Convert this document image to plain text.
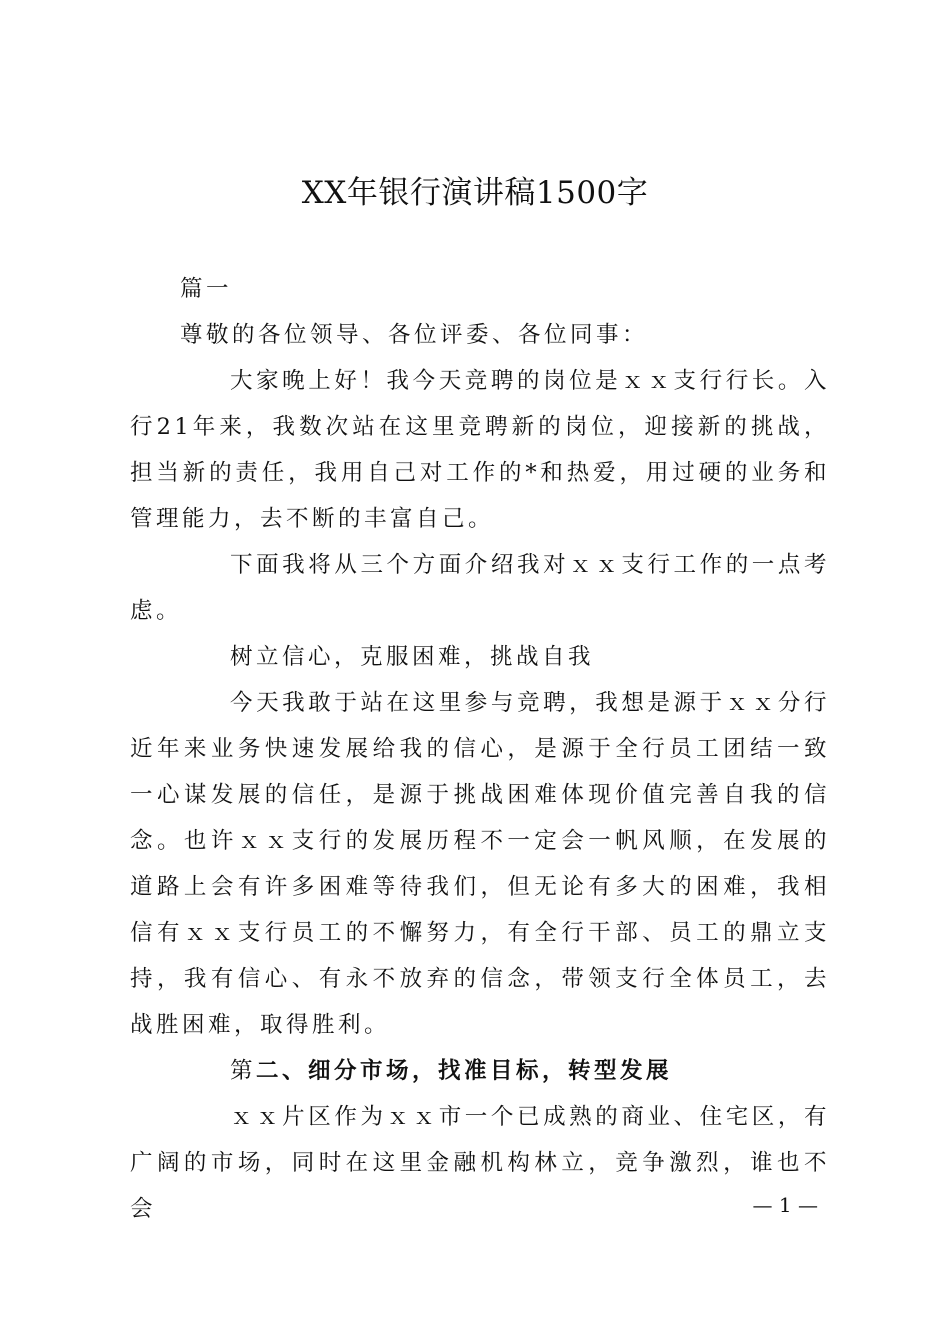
XX年银行演讲稿1500字

篇一

尊敬的各位领导、各位评委、各位同事：

大家晚上好！我今天竞聘的岗位是ｘｘ支行行长。入行21年来，我数次站在这里竞聘新的岗位，迎接新的挑战，担当新的责任，我用自己对工作的*和热爱，用过硬的业务和管理能力，去不断的丰富自己。

下面我将从三个方面介绍我对ｘｘ支行工作的一点考虑。

树立信心，克服困难，挑战自我

今天我敢于站在这里参与竞聘，我想是源于ｘｘ分行近年来业务快速发展给我的信心，是源于全行员工团结一致一心谋发展的信任，是源于挑战困难体现价值完善自我的信念。也许ｘｘ支行的发展历程不一定会一帆风顺，在发展的道路上会有许多困难等待我们，但无论有多大的困难，我相信有ｘｘ支行员工的不懈努力，有全行干部、员工的鼎立支持，我有信心、有永不放弃的信念，带领支行全体员工，去战胜困难，取得胜利。

第二、细分市场，找准目标，转型发展

ｘｘ片区作为ｘｘ市一个已成熟的商业、住宅区，有广阔的市场，同时在这里金融机构林立，竞争激烈，谁也不会	— 1 —
